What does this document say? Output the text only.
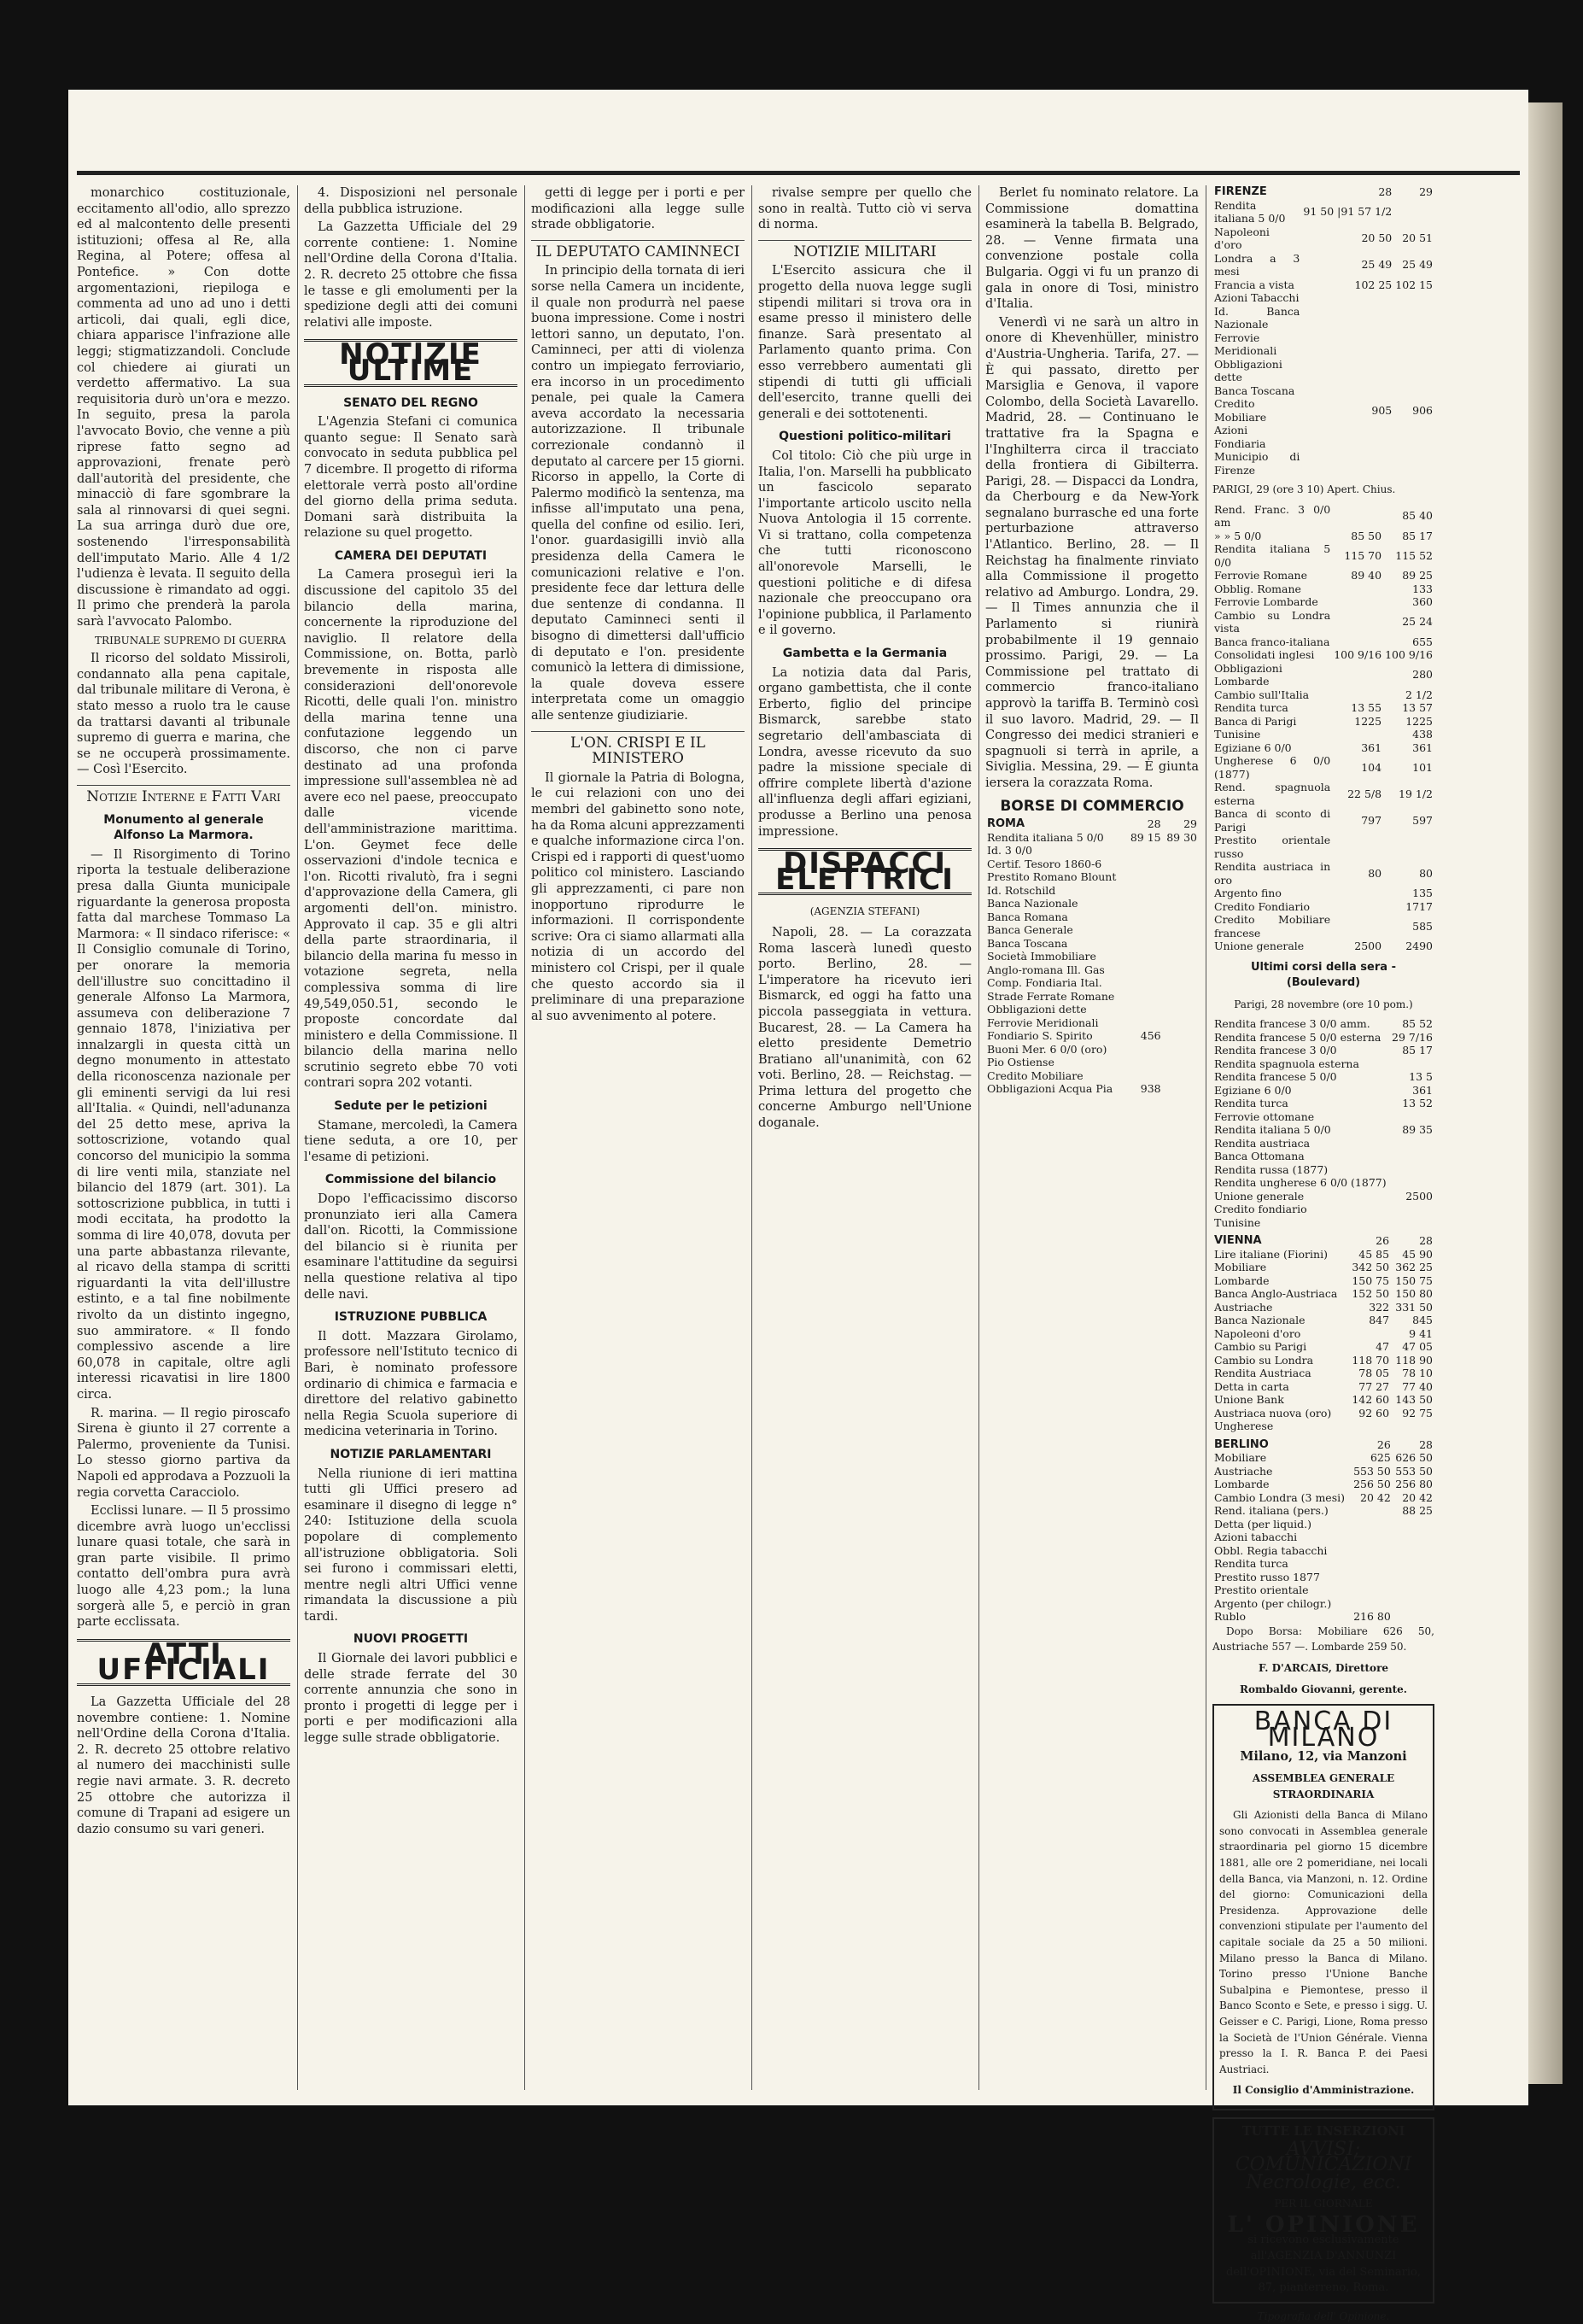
monarchico costituzionale, eccitamento all'odio, allo sprezzo ed al malcontento delle presenti istituzioni; offesa al Re, alla Regina, al Potere; offesa al Pontefice. » Con dotte argomentazioni, riepiloga e commenta ad uno ad uno i detti articoli, dai quali, egli dice, chiara apparisce l'infrazione alle leggi; stigmatizzandoli. Conclude col chiedere ai giurati un verdetto affermativo. La sua requisitoria durò un'ora e mezzo. In seguito, presa la parola l'avvocato Bovio, che venne a più riprese fatto segno ad approvazioni, frenate però dall'autorità del presidente, che minacciò di fare sgombrare la sala al rinnovarsi di quei segni. La sua arringa durò due ore, sostenendo l'irresponsabilità dell'imputato Mario. Alle 4 1/2 l'udienza è levata. Il seguito della discussione è rimandato ad oggi. Il primo che prenderà la parola sarà l'avvocato Palombo.

TRIBUNALE SUPREMO DI GUERRA

Il ricorso del soldato Missiroli, condannato alla pena capitale, dal tribunale militare di Verona, è stato messo a ruolo tra le cause da trattarsi davanti al tribunale supremo di guerra e marina, che se ne occuperà prossimamente. — Così l'Esercito.

Notizie Interne e Fatti Vari
Monumento al generale Alfonso La Marmora.

— Il Risorgimento di Torino riporta la testuale deliberazione presa dalla Giunta municipale riguardante la generosa proposta fatta dal marchese Tommaso La Marmora: « Il sindaco riferisce: « Il Consiglio comunale di Torino, per onorare la memoria dell'illustre suo concittadino il generale Alfonso La Marmora, assumeva con deliberazione 7 gennaio 1878, l'iniziativa per innalzargli in questa città un degno monumento in attestato della riconoscenza nazionale per gli eminenti servigi da lui resi all'Italia. « Quindi, nell'adunanza del 25 detto mese, apriva la sottoscrizione, votando qual concorso del municipio la somma di lire venti mila, stanziate nel bilancio del 1879 (art. 301). La sottoscrizione pubblica, in tutti i modi eccitata, ha prodotto la somma di lire 40,078, dovuta per una parte abbastanza rilevante, al ricavo della stampa di scritti riguardanti la vita dell'illustre estinto, e a tal fine nobilmente rivolto da un distinto ingegno, suo ammiratore. « Il fondo complessivo ascende a lire 60,078 in capitale, oltre agli interessi ricavatisi in lire 1800 circa.

R. marina. — Il regio piroscafo Sirena è giunto il 27 corrente a Palermo, proveniente da Tunisi. Lo stesso giorno partiva da Napoli ed approdava a Pozzuoli la regia corvetta Caracciolo.

Ecclissi lunare. — Il 5 prossimo dicembre avrà luogo un'ecclissi lunare quasi totale, che sarà in gran parte visibile. Il primo contatto dell'ombra pura avrà luogo alle 4,23 pom.; la luna sorgerà alle 5, e perciò in gran parte ecclissata.

ATTI UFFICIALI

La Gazzetta Ufficiale del 28 novembre contiene: 1. Nomine nell'Ordine della Corona d'Italia. 2. R. decreto 25 ottobre relativo al numero dei macchinisti sulle regie navi armate. 3. R. decreto 25 ottobre che autorizza il comune di Trapani ad esigere un dazio consumo su vari generi.

4. Disposizioni nel personale della pubblica istruzione.

La Gazzetta Ufficiale del 29 corrente contiene: 1. Nomine nell'Ordine della Corona d'Italia. 2. R. decreto 25 ottobre che fissa le tasse e gli emolumenti per la spedizione degli atti dei comuni relativi alle imposte.

NOTIZIE ULTIME
SENATO DEL REGNO

L'Agenzia Stefani ci comunica quanto segue: Il Senato sarà convocato in seduta pubblica pel 7 dicembre. Il progetto di riforma elettorale verrà posto all'ordine del giorno della prima seduta. Domani sarà distribuita la relazione su quel progetto.

CAMERA DEI DEPUTATI

La Camera proseguì ieri la discussione del capitolo 35 del bilancio della marina, concernente la riproduzione del naviglio. Il relatore della Commissione, on. Botta, parlò brevemente in risposta alle considerazioni dell'onorevole Ricotti, delle quali l'on. ministro della marina tenne una confutazione leggendo un discorso, che non ci parve destinato ad una profonda impressione sull'assemblea nè ad avere eco nel paese, preoccupato dalle vicende dell'amministrazione marittima. L'on. Geymet fece delle osservazioni d'indole tecnica e l'on. Ricotti rivalutò, fra i segni d'approvazione della Camera, gli argomenti dell'on. ministro. Approvato il cap. 35 e gli altri della parte straordinaria, il bilancio della marina fu messo in votazione segreta, nella complessiva somma di lire 49,549,050.51, secondo le proposte concordate dal ministero e della Commissione. Il bilancio della marina nello scrutinio segreto ebbe 70 voti contrari sopra 202 votanti.

Sedute per le petizioni

Stamane, mercoledì, la Camera tiene seduta, a ore 10, per l'esame di petizioni.

Commissione del bilancio

Dopo l'efficacissimo discorso pronunziato ieri alla Camera dall'on. Ricotti, la Commissione del bilancio si è riunita per esaminare l'attitudine da seguirsi nella questione relativa al tipo delle navi.

ISTRUZIONE PUBBLICA

Il dott. Mazzara Girolamo, professore nell'Istituto tecnico di Bari, è nominato professore ordinario di chimica e farmacia e direttore del relativo gabinetto nella Regia Scuola superiore di medicina veterinaria in Torino.

NOTIZIE PARLAMENTARI

Nella riunione di ieri mattina tutti gli Uffici presero ad esaminare il disegno di legge n° 240: Istituzione della scuola popolare di complemento all'istruzione obbligatoria. Soli sei furono i commissari eletti, mentre negli altri Uffici venne rimandata la discussione a più tardi.

NUOVI PROGETTI

Il Giornale dei lavori pubblici e delle strade ferrate del 30 corrente annunzia che sono in pronto i progetti di legge per i porti e per modificazioni alla legge sulle strade obbligatorie.

getti di legge per i porti e per modificazioni alla legge sulle strade obbligatorie.

IL DEPUTATO CAMINNECI

In principio della tornata di ieri sorse nella Camera un incidente, il quale non produrrà nel paese buona impressione. Come i nostri lettori sanno, un deputato, l'on. Caminneci, per atti di violenza contro un impiegato ferroviario, era incorso in un procedimento penale, pei quale la Camera aveva accordato la necessaria autorizzazione. Il tribunale correzionale condannò il deputato al carcere per 15 giorni. Ricorso in appello, la Corte di Palermo modificò la sentenza, ma infisse all'imputato una pena, quella del confine od esilio. Ieri, l'onor. guardasigilli inviò alla presidenza della Camera le comunicazioni relative e l'on. presidente fece dar lettura delle due sentenze di condanna. Il deputato Caminneci senti il bisogno di dimettersi dall'ufficio di deputato e l'on. presidente comunicò la lettera di dimissione, la quale doveva essere interpretata come un omaggio alle sentenze giudiziarie.

L'ON. CRISPI E IL MINISTERO

Il giornale la Patria di Bologna, le cui relazioni con uno dei membri del gabinetto sono note, ha da Roma alcuni apprezzamenti e qualche informazione circa l'on. Crispi ed i rapporti di quest'uomo politico col ministero. Lasciando gli apprezzamenti, ci pare non inopportuno riprodurre le informazioni. Il corrispondente scrive: Ora ci siamo allarmati alla notizia di un accordo del ministero col Crispi, per il quale che questo accordo sia il preliminare di una preparazione al suo avvenimento al potere.

rivalse sempre per quello che sono in realtà. Tutto ciò vi serva di norma.

NOTIZIE MILITARI

L'Esercito assicura che il progetto della nuova legge sugli stipendi militari si trova ora in esame presso il ministero delle finanze. Sarà presentato al Parlamento quanto prima. Con esso verrebbero aumentati gli stipendi di tutti gli ufficiali dell'esercito, tranne quelli dei generali e dei sottotenenti.

Questioni politico-militari

Col titolo: Ciò che più urge in Italia, l'on. Marselli ha pubblicato un fascicolo separato l'importante articolo uscito nella Nuova Antologia il 15 corrente. Vi si trattano, colla competenza che tutti riconoscono all'onorevole Marselli, le questioni politiche e di difesa nazionale che preoccupano ora l'opinione pubblica, il Parlamento e il governo.

Gambetta e la Germania

La notizia data dal Paris, organo gambettista, che il conte Erberto, figlio del principe Bismarck, sarebbe stato segretario dell'ambasciata di Londra, avesse ricevuto da suo padre la missione speciale di offrire complete libertà d'azione all'influenza degli affari egiziani, produsse a Berlino una penosa impressione.

DISPACCI ELETTRICI
(AGENZIA STEFANI)

Napoli, 28. — La corazzata Roma lascerà lunedì questo porto. Berlino, 28. — L'imperatore ha ricevuto ieri Bismarck, ed oggi ha fatto una piccola passeggiata in vettura. Bucarest, 28. — La Camera ha eletto presidente Demetrio Bratiano all'unanimità, con 62 voti. Berlino, 28. — Reichstag. — Prima lettura del progetto che concerne Amburgo nell'Unione doganale.

Berlet fu nominato relatore. La Commissione domattina esaminerà la tabella B. Belgrado, 28. — Venne firmata una convenzione postale colla Bulgaria. Oggi vi fu un pranzo di gala in onore di Tosi, ministro d'Italia.

Venerdì vi ne sarà un altro in onore di Khevenhüller, ministro d'Austria-Ungheria. Tarifa, 27. — È qui passato, diretto per Marsiglia e Genova, il vapore Colombo, della Società Lavarello. Madrid, 28. — Continuano le trattative fra la Spagna e l'Inghilterra circa il tracciato della frontiera di Gibilterra. Parigi, 28. — Dispacci da Londra, da Cherbourg e da New-York segnalano burrasche ed una forte perturbazione attraverso l'Atlantico. Berlino, 28. — Il Reichstag ha finalmente rinviato alla Commissione il progetto relativo ad Amburgo. Londra, 29. — Il Times annunzia che il Parlamento si riunirà probabilmente il 19 gennaio prossimo. Parigi, 29. — La Commissione pel trattato di commercio franco-italiano approvò la tariffa B. Terminò così il suo lavoro. Madrid, 29. — Il Congresso dei medici stranieri e spagnuoli si terrà in aprile, a Siviglia. Messina, 29. — È giunta iersera la corazzata Roma.

BORSE DI COMMERCIO
ROMA	28	29
Rendita italiana 5 0/0	89 15	89 30
Id. 3 0/0		
Certif. Tesoro 1860-6		
Prestito Romano Blount		
Id. Rotschild		
Banca Nazionale		
Banca Romana		
Banca Generale		
Banca Toscana		
Società Immobiliare		
Anglo-romana Ill. Gas		
Comp. Fondiaria Ital.		
Strade Ferrate Romane		
Obbligazioni dette		
Ferrovie Meridionali		
Fondiario S. Spirito	456	
Buoni Mer. 6 0/0 (oro)		
Pio Ostiense		
Credito Mobiliare		
Obbligazioni Acqua Pia	938	
FIRENZE	28	29
Rendita italiana 5 0/0	91 50 |91 57 1/2	
Napoleoni d'oro	20 50	20 51
Londra a 3 mesi	25 49	25 49
Francia a vista	102 25	102 15
Azioni Tabacchi		
Id. Banca Nazionale		
Ferrovie Meridionali		
Obbligazioni dette		
Banca Toscana		
Credito Mobiliare	905	906
Azioni Fondiaria		
Municipio di Firenze		
PARIGI, 29 (ore 3 10) Apert. Chius.
Rend. Franc. 3 0/0 am		85 40
» » 5 0/0	85 50	85 17
Rendita italiana 5 0/0	115 70	115 52
Ferrovie Romane	89 40	89 25
Obblig. Romane		133
Ferrovie Lombarde		360
Cambio su Londra vista		25 24
Banca franco-italiana		655
Consolidati inglesi	100 9/16	100 9/16
Obbligazioni Lombarde		280
Cambio sull'Italia		2 1/2
Rendita turca	13 55	13 57
Banca di Parigi	1225	1225
Tunisine		438
Egiziane 6 0/0	361	361
Ungherese 6 0/0 (1877)	104	101
Rend. spagnuola esterna	22 5/8	19 1/2
Banca di sconto di Parigi	797	597
Prestito orientale russo		
Rendita austriaca in oro	80	80
Argento fino		135
Credito Fondiario		1717
Credito Mobiliare francese		585
Unione generale	2500	2490
Ultimi corsi della sera - (Boulevard)
Parigi, 28 novembre (ore 10 pom.)
Rendita francese 3 0/0 amm.	85 52
Rendita francese 5 0/0 esterna	29 7/16
Rendita francese 3 0/0	85 17
Rendita spagnuola esterna	
Rendita francese 5 0/0	13 5
Egiziane 6 0/0	361
Rendita turca	13 52
Ferrovie ottomane	
Rendita italiana 5 0/0	89 35
Rendita austriaca	
Banca Ottomana	
Rendita russa (1877)	
Rendita ungherese 6 0/0 (1877)	
Unione generale	2500
Credito fondiario	
Tunisine	
VIENNA	26	28
Lire italiane (Fiorini)	45 85	45 90
Mobiliare	342 50	362 25
Lombarde	150 75	150 75
Banca Anglo-Austriaca	152 50	150 80
Austriache	322	331 50
Banca Nazionale	847	845
Napoleoni d'oro		9 41
Cambio su Parigi	47	47 05
Cambio su Londra	118 70	118 90
Rendita Austriaca	78 05	78 10
Detta in carta	77 27	77 40
Unione Bank	142 60	143 50
Austriaca nuova (oro)	92 60	92 75
Ungherese		
BERLINO	26	28
Mobiliare	625	626 50
Austriache	553 50	553 50
Lombarde	256 50	256 80
Cambio Londra (3 mesi)	20 42	20 42
Rend. italiana (pers.)		88 25
Detta (per liquid.)		
Azioni tabacchi		
Obbl. Regia tabacchi		
Rendita turca		
Prestito russo 1877		
Prestito orientale		
Argento (per chilogr.)		
Rublo	216 80	

Dopo Borsa: Mobiliare 626 50, Austriache 557 —. Lombarde 259 50.

F. D'ARCAIS, Direttore
Rombaldo Giovanni, gerente.
BANCA DI MILANO
Milano, 12, via Manzoni
ASSEMBLEA GENERALE STRAORDINARIA

Gli Azionisti della Banca di Milano sono convocati in Assemblea generale straordinaria pel giorno 15 dicembre 1881, alle ore 2 pomeridiane, nei locali della Banca, via Manzoni, n. 12. Ordine del giorno: Comunicazioni della Presidenza. Approvazione delle convenzioni stipulate per l'aumento del capitale sociale da 25 a 50 milioni. Milano presso la Banca di Milano. Torino presso l'Unione Banche Subalpina e Piemontese, presso il Banco Sconto e Sete, e presso i sigg. U. Geisser e C. Parigi, Lione, Roma presso la Società de l'Union Générale. Vienna presso la I. R. Banca P. dei Paesi Austriaci.

Il Consiglio d'Amministrazione.
TUTTE LE INSERZIONI
AVVISI; COMUNICAZIONI
Necrologie, ecc.
PER IL GIORNALE
L' OPINIONE
si ricevono esclusivamente all'AGENZIA D'ANNUNZI dell'OPINIONE, via del Seminario, 87, pianterreno, Roma.
Tipografia dell' Opinione.
